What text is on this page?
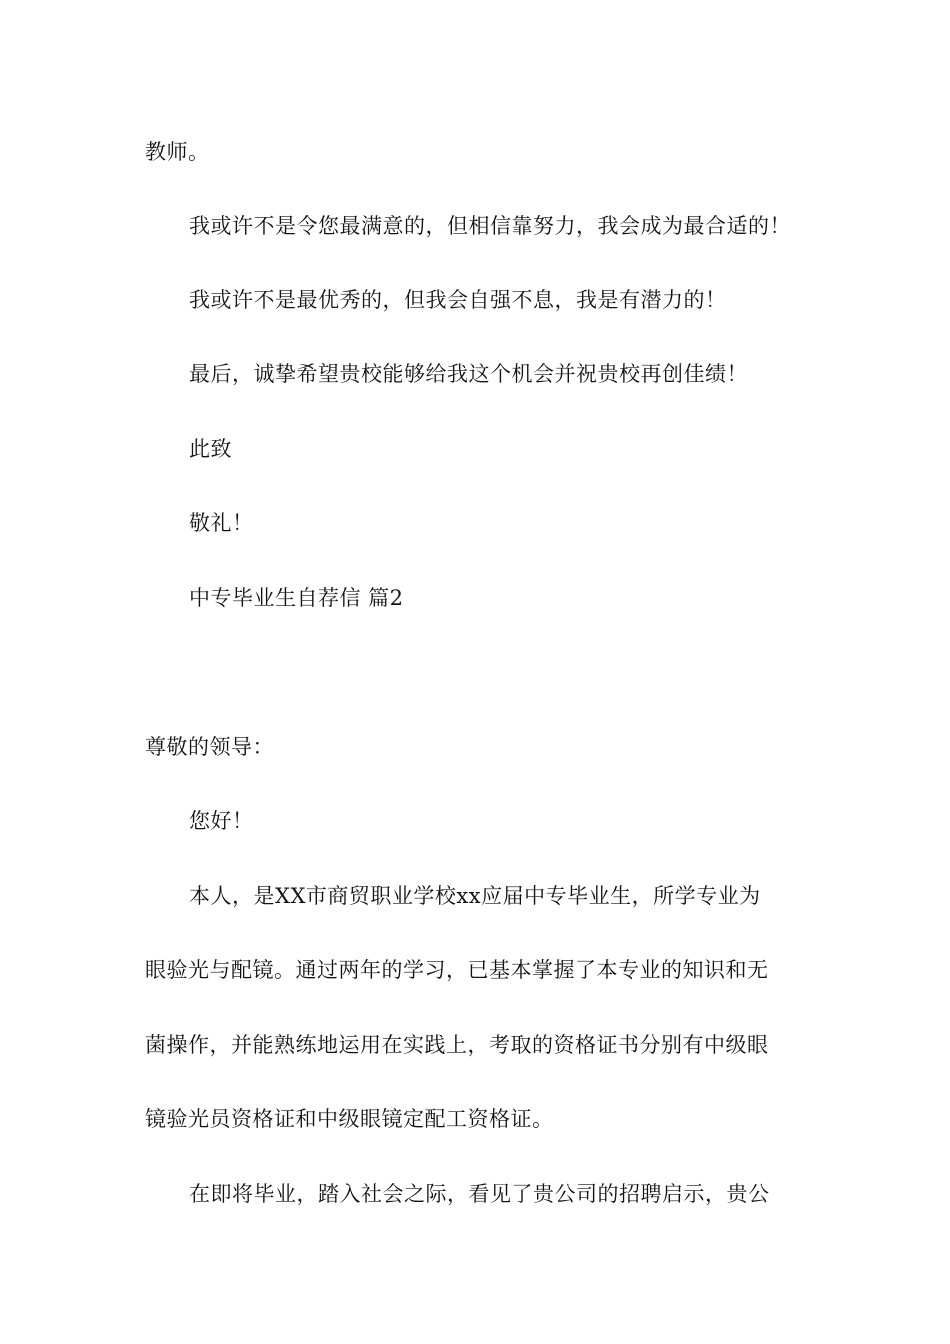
教师。
我或许不是令您最满意的，但相信靠努力，我会成为最合适的！
我或许不是最优秀的，但我会自强不息，我是有潜力的！
最后，诚挚希望贵校能够给我这个机会并祝贵校再创佳绩！
此致
敬礼！
中专毕业生自荐信 篇2
尊敬的领导：
您好！
本人，是XX市商贸职业学校xx应届中专毕业生，所学专业为
眼验光与配镜。通过两年的学习，已基本掌握了本专业的知识和无
菌操作，并能熟练地运用在实践上，考取的资格证书分别有中级眼
镜验光员资格证和中级眼镜定配工资格证。
在即将毕业，踏入社会之际，看见了贵公司的招聘启示，贵公
